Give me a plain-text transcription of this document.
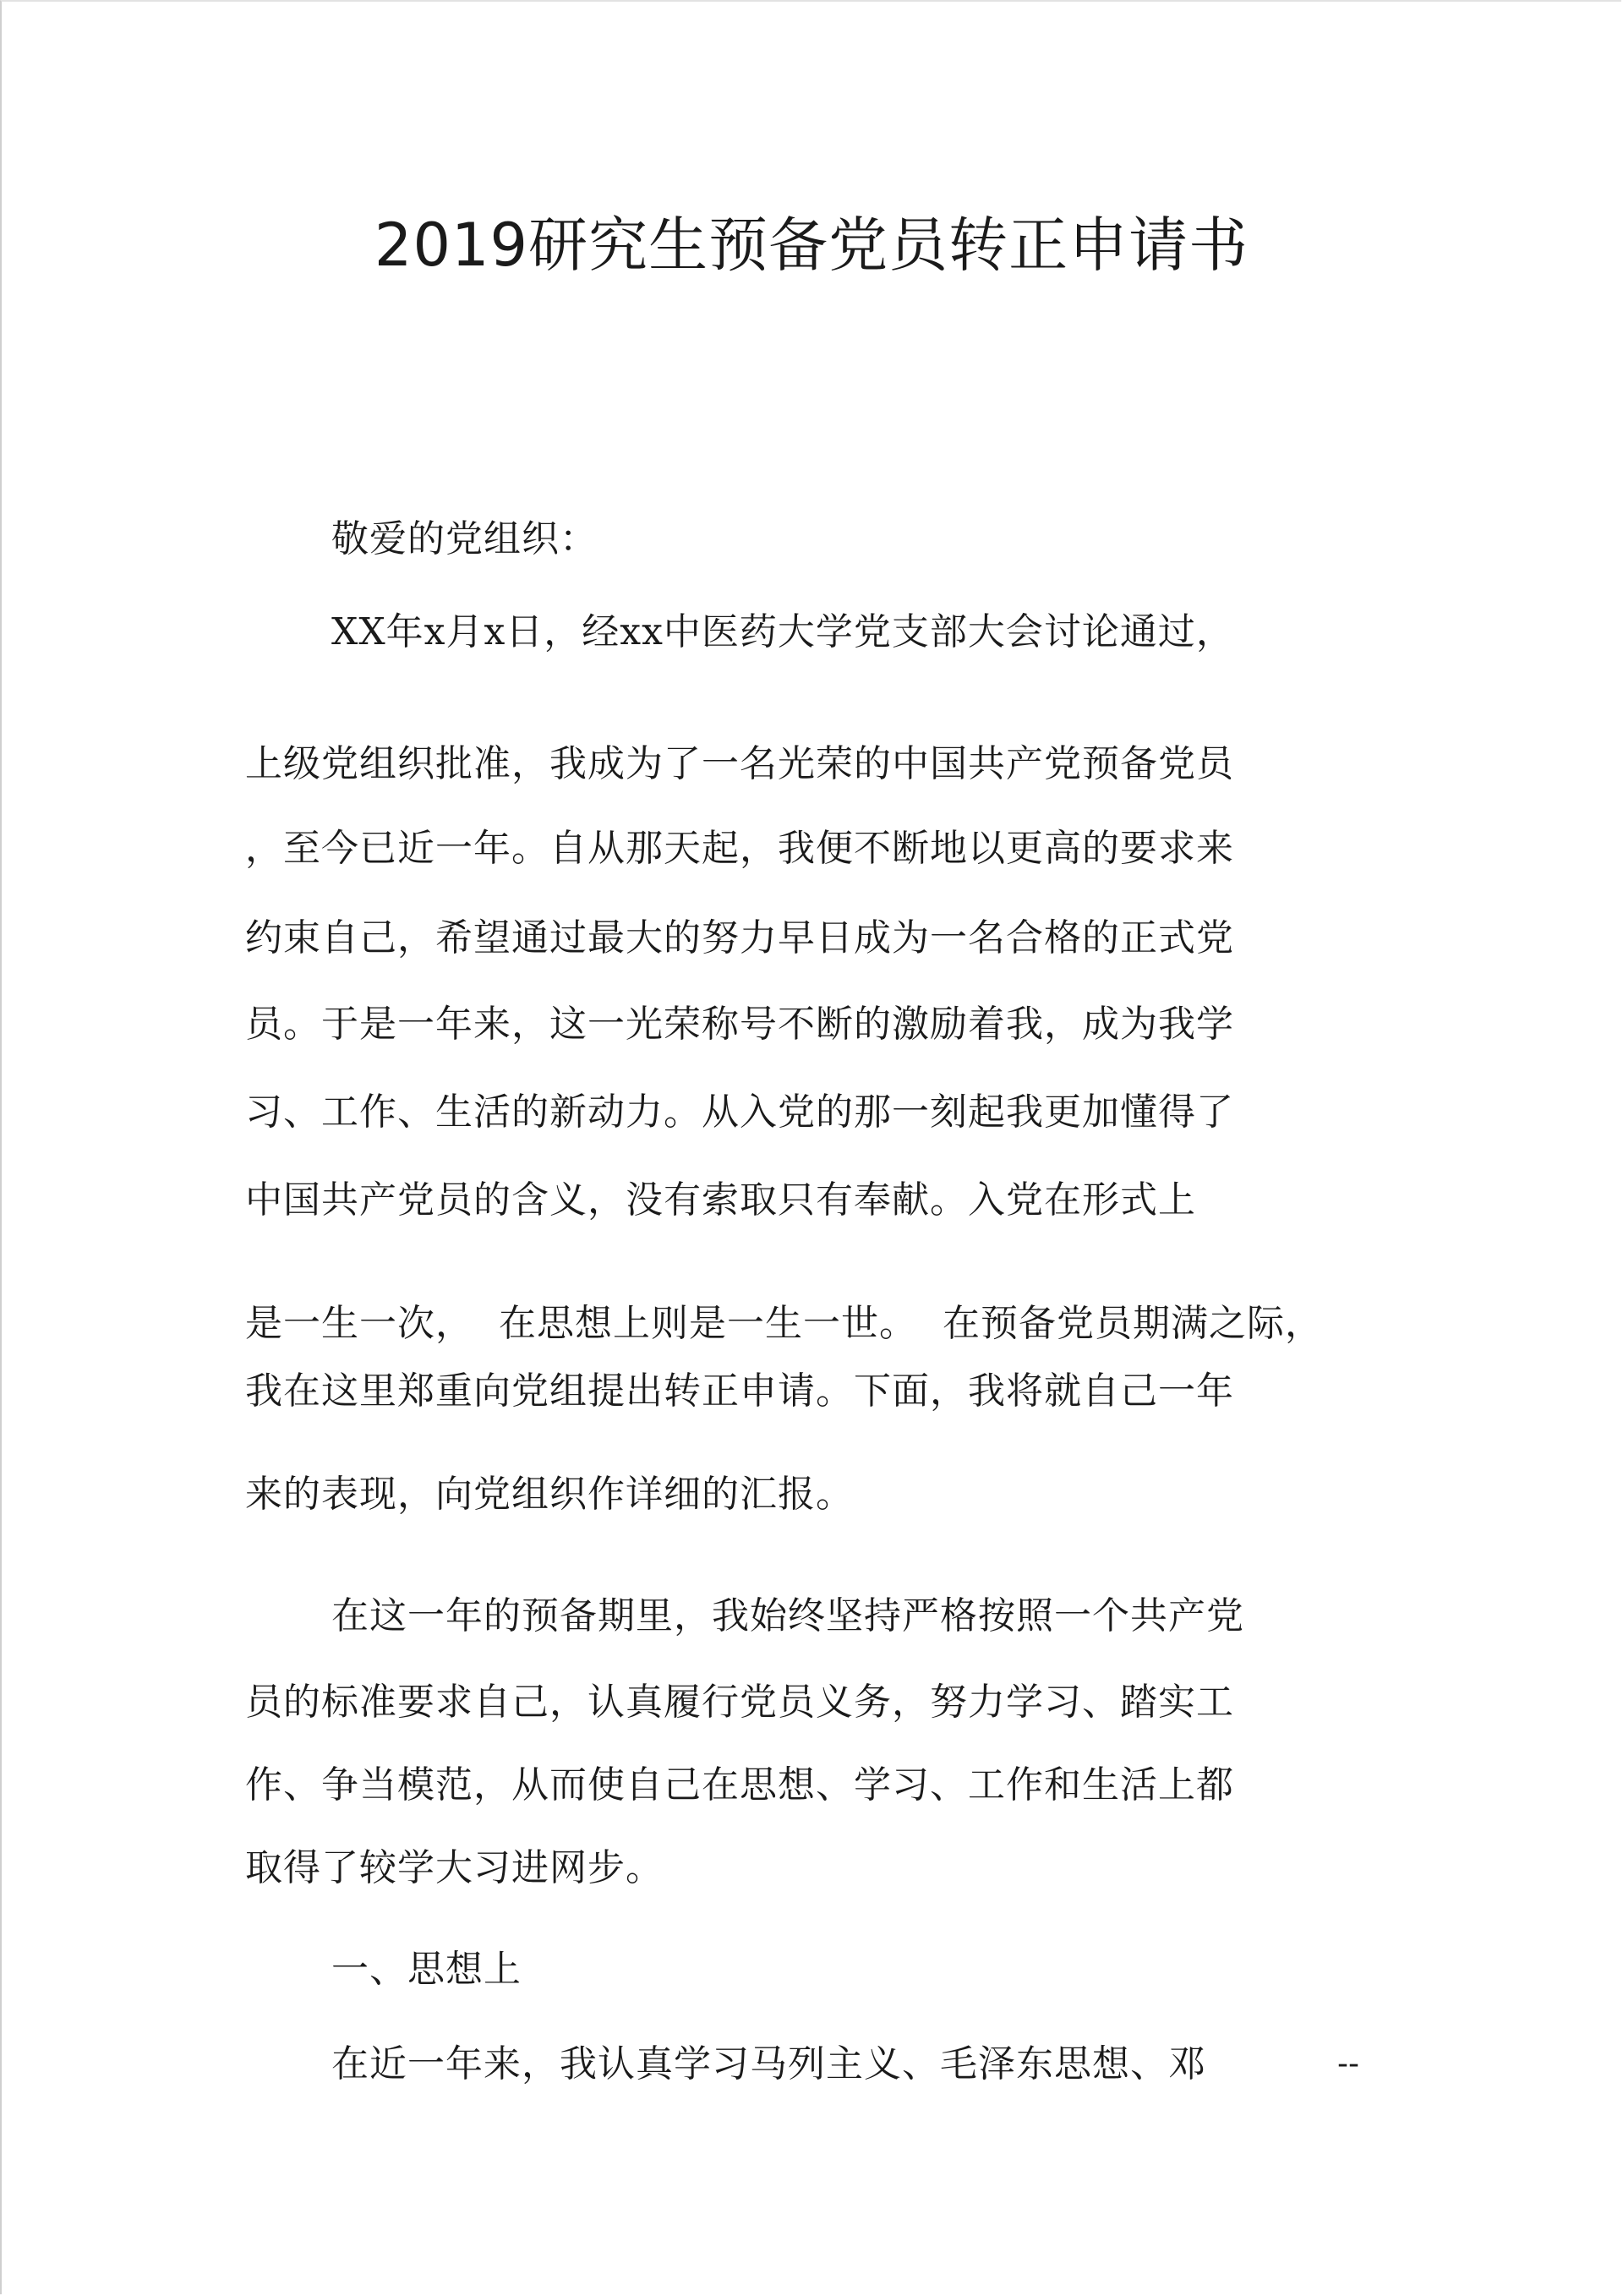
2019研究生预备党员转正申请书
敬爱的党组织：
XX年x月x日，经xx中医药大学党支部大会讨论通过，
上级党组织批准，我成为了一名光荣的中国共产党预备党员
，至今已近一年。自从那天起，我便不断地以更高的要求来
约束自己，希望通过最大的努力早日成为一名合格的正式党
员。于是一年来，这一光荣称号不断的激励着我，成为我学
习、工作、生活的新动力。从入党的那一刻起我更加懂得了
中国共产党员的含义，没有索取只有奉献。入党在形式上
是一生一次，  在思想上则是一生一世。  在预备党员期满之际，
我在这里郑重向党组提出转正申请。下面，我将就自己一年
来的表现，向党组织作详细的汇报。
在这一年的预备期里，我始终坚持严格按照一个共产党
员的标准要求自己，认真履行党员义务，努力学习、踏实工
作、争当模范，从而使自己在思想、学习、工作和生活上都
取得了较学大习进网步。
一、思想上
在近一年来，我认真学习马列主义、毛泽东思想、邓	--
